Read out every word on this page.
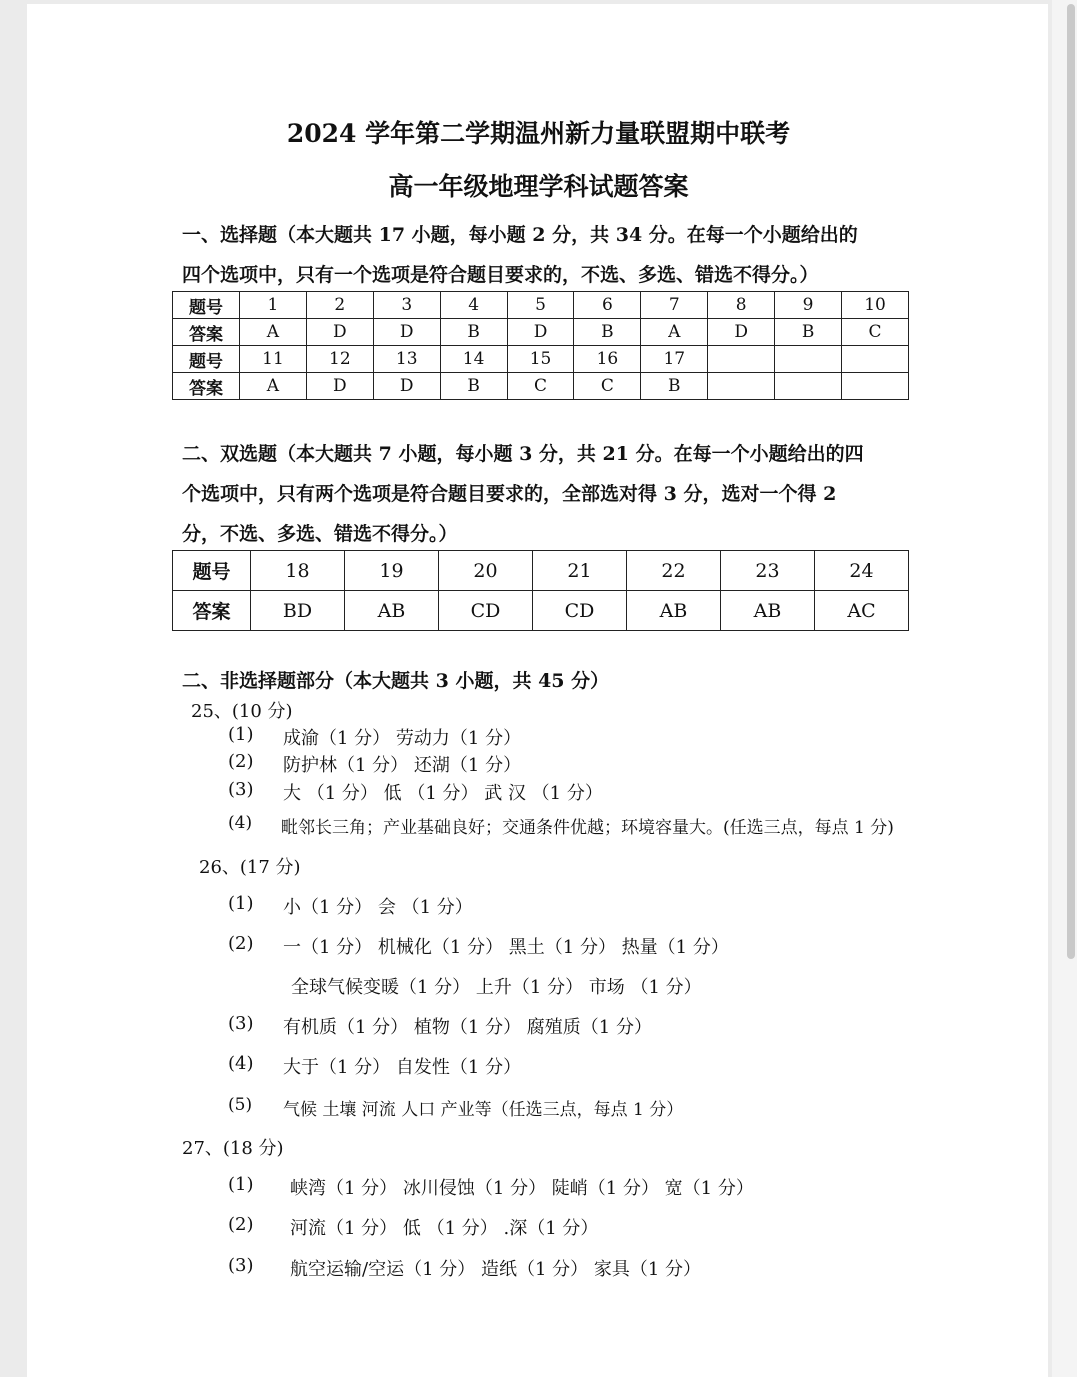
2024 学年第二学期温州新力量联盟期中联考
高一年级地理学科试题答案
一、选择题（本大题共 17 小题，每小题 2 分，共 34 分。在每一个小题给出的
四个选项中，只有一个选项是符合题目要求的，不选、多选、错选不得分。）
题号	1	2	3	4	5	6	7	8	9	10
答案	A	D	D	B	D	B	A	D	B	C
题号	11	12	13	14	15	16	17			
答案	A	D	D	B	C	C	B			
二、双选题（本大题共 7 小题，每小题 3 分，共 21 分。在每一个小题给出的四
个选项中，只有两个选项是符合题目要求的，全部选对得 3 分，选对一个得 2
分，不选、多选、错选不得分。）
题号	18	19	20	21	22	23	24
答案	BD	AB	CD	CD	AB	AB	AC
二、非选择题部分（本大题共 3 小题，共 45 分）
25、(10 分)
(1) 成渝（1 分） 劳动力（1 分）
(2) 防护林（1 分） 还湖（1 分）
(3) 大 （1 分） 低 （1 分） 武 汉 （1 分）
(4) 毗邻长三角；产业基础良好；交通条件优越；环境容量大。(任选三点，每点 1 分)
26、(17 分)
(1) 小（1 分） 会 （1 分）
(2) 一（1 分） 机械化（1 分） 黑土（1 分） 热量（1 分）
全球气候变暖（1 分） 上升（1 分） 市场 （1 分）
(3) 有机质（1 分） 植物（1 分） 腐殖质（1 分）
(4) 大于（1 分） 自发性（1 分）
(5) 气候 土壤 河流 人口 产业等（任选三点，每点 1 分）
27、(18 分)
(1) 峡湾（1 分） 冰川侵蚀（1 分） 陡峭（1 分） 宽（1 分）
(2) 河流（1 分） 低 （1 分） .深（1 分）
(3) 航空运输/空运（1 分） 造纸（1 分） 家具（1 分）
